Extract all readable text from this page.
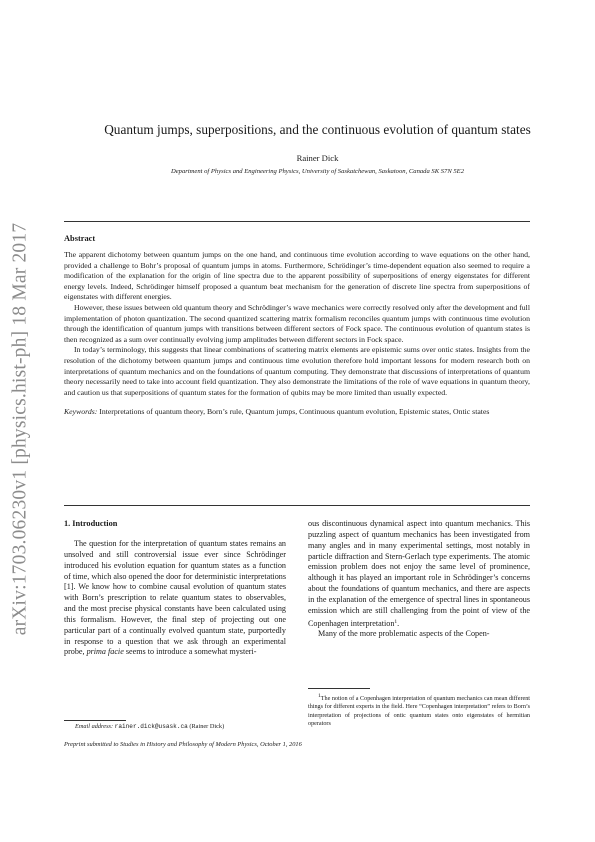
arXiv:1703.06230v1 [physics.hist-ph] 18 Mar 2017
Quantum jumps, superpositions, and the continuous evolution of quantum states
Rainer Dick
Department of Physics and Engineering Physics, University of Saskatchewan, Saskatoon, Canada SK S7N 5E2
Abstract

The apparent dichotomy between quantum jumps on the one hand, and continuous time evolution according to wave equations on the other hand, provided a challenge to Bohr’s proposal of quantum jumps in atoms. Furthermore, Schrödinger’s time-dependent equation also seemed to require a modification of the explanation for the origin of line spectra due to the apparent possibility of superpositions of energy eigenstates for different energy levels. Indeed, Schrödinger himself proposed a quantum beat mechanism for the generation of discrete line spectra from superpositions of eigenstates with different energies.

However, these issues between old quantum theory and Schrödinger’s wave mechanics were correctly resolved only after the development and full implementation of photon quantization. The second quantized scattering matrix formalism reconciles quantum jumps with continuous time evolution through the identification of quantum jumps with transitions between different sectors of Fock space. The continuous evolution of quantum states is then recognized as a sum over continually evolving jump amplitudes between different sectors in Fock space.

In today’s terminology, this suggests that linear combinations of scattering matrix elements are epistemic sums over ontic states. Insights from the resolution of the dichotomy between quantum jumps and continuous time evolution therefore hold important lessons for modern research both on interpretations of quantum mechanics and on the foundations of quantum computing. They demonstrate that discussions of interpretations of quantum theory necessarily need to take into account field quantization. They also demonstrate the limitations of the role of wave equations in quantum theory, and caution us that superpositions of quantum states for the formation of qubits may be more limited than usually expected.

Keywords: Interpretations of quantum theory, Born’s rule, Quantum jumps, Continuous quantum evolution, Epistemic states, Ontic states
1. Introduction

The question for the interpretation of quantum states remains an unsolved and still controversial issue ever since Schrödinger introduced his evolution equation for quantum states as a function of time, which also opened the door for deterministic interpretations [1]. We know how to combine causal evolution of quantum states with Born’s prescription to relate quantum states to observables, and the most precise physical constants have been calculated using this formalism. However, the final step of projecting out one particular part of a continually evolved quantum state, purportedly in response to a question that we ask through an experimental probe, prima facie seems to introduce a somewhat mysteri-

ous discontinuous dynamical aspect into quantum mechanics. This puzzling aspect of quantum mechanics has been investigated from many angles and in many experimental settings, most notably in particle diffraction and Stern-Gerlach type experiments. The atomic emission problem does not enjoy the same level of prominence, although it has played an important role in Schrödinger’s concerns about the foundations of quantum mechanics, and there are aspects in the explanation of the emergence of spectral lines in spontaneous emission which are still challenging from the point of view of the Copenhagen interpretation$^1$.

Many of the more problematic aspects of the Copen-

1The notion of a Copenhagen interpretation of quantum mechanics can mean different things for different experts in the field. Here “Copenhagen interpretation” refers to Born’s interpretation of projections of ontic quantum states onto eigenstates of hermitian operators

Email address: rainer.dick@usask.ca (Rainer Dick)
Preprint submitted to Studies in History and Philosophy of Modern Physics, October 1, 2016
